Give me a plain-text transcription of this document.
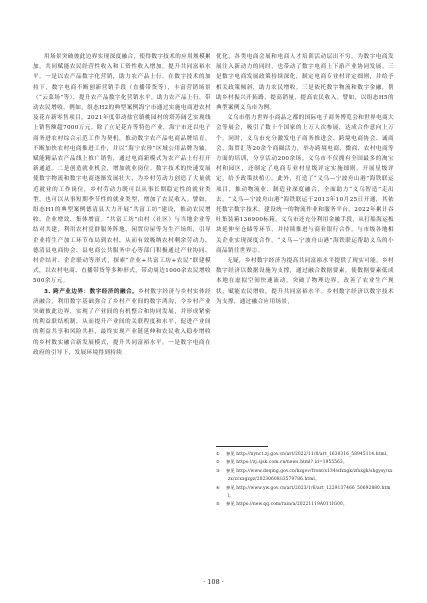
用场景突破彼此边界实现深度融合，使得数字技术的应用规模累加，共同赋能农民经营性收入和工资性收入增加，提升共同富裕水平。一是以农产品数字化营销，助力农产品上行。在数字技术的加持下，数字电商不断创新营销手段（直播带货等），丰富营销场景（“云菜场”等），提升农产品数字化营销水平，助力农产品上行，带动农民增收。例如，组态H2的典型案例海宁市通过实施电商进农村及花卉新零售项目，2021年度带动盐官镇桃园村的塔苏阔艺实现线上销售额超7000万元。除了立足花卉等特色产业，海宁市还以电子商务进农村综合示范工作为契机，推动数字农产品电商品牌培育，不断加快农村电商推进工作，并以“海宁农珍”区域公用品牌为轴，赋能精品农产品线上推广销售，通过电商新模式为农产品上行打开新通道。二是创造就业机会，增加就业岗位。数字技术的快速发展使数字物流和数字电商逐渐发展壮大，为乡村劳动力创造了大量就近就业的工作岗位，乡村劳动力既可以从事长期稳定性的就业类型，也可以从事短期季节性的就业类型，增加了农民收入。譬如，组态H1的典型案例德清县大力开展“共富工坊”建设，推动农民增收、企业增效、集体增富。“共富工坊”由村（社区）与当地企业等结对共建，利用农村党群服务阵地、闲置房屋等为生产场所，引导企业将生产加工环节布局到农村，从而有效吸纳农村剩余劳动力。德清县电商协会、县电商公共服务中心等部门积极通过产业协同、村企结对、企企联动等形式，探索“企业+共富工坊+农民”联建模式，以农村电商、直播带货等多种形式，带动周边1000余农民增收500余万元。

3. 跨产业边界：数字经济的融合。乡村数字经济与乡村实体经济融合，利用数字基础弥合了乡村产业间的数字鸿沟，令乡村产业突破彼此边界，实现了产业间的有机整合和协同发展，并形成紧密的利益联结机制，从而提升产业间的关联程度和水平，促进产业间的利益共享和风险共担，最终实现产业链延伸和农民收入稳步增收的乡村数实融合新发展模式，提升共同富裕水平。一是数字电商在政府的引导下，发展环境得到持续

优化，各类电商会展和电商人才培训活动层出不穷，为数字电商发展注入新动力的同时，也带动了数字电商上下游产业协同发展。三是数字电商发展政策持续深化，制定电商专业村评定细则，并给予相关政策倾斜，助力农民增收。三是依托数字物流和数字金融，帮助乡村振兴开拓路，提高销量，提高农民收入。譬如，以组态H5的典型案例义乌市为例。

义乌市借力世界小商品之都的国际电子商务博览会和世界电商大会等展会，吸引了数十个国家的上万人次参展，达成合作意向上万个。同时，义乌市充分激发电子商务推进会、跨境电商协会、诚商会、海贸汇等20余个商圈活力，举办跨境电商、微商、农村电商等方面的培训，分享活动200余场。义乌市不仅拥有全国最多的淘宝村和园区，还制定了电商专业村星级评定实施细则，开展星级评定，给予政策扶植①。此外，打造了“义乌—宁波舟山港”海铁联运项目，推动物流业、制造业深度融合，全面助力“义乌智造”走出去。“义乌—宁波舟山港”海铁联运于2013年10月25日开通，其依托数字数字技术，建设统一的物流作业和服务平台，2022年累计吞吐集装箱136900标箱。义乌市还充分利用金融手段，从打船海运板块延伸至仓储等环节，并持续推进与商业银行合作，与市级各地相关企业实现深度合作，“义乌—宁波舟山港”海铁联运帮助义乌的小商品销往世界②。

无疑，乡村数字经济为提高共同富裕水平提供了现实可能。乡村数字经济以数据设施为支撑，通过融合数据要素，使数据要素低成本地在虚拟空间快速流动，突破了物理边界，改善了农业生产现状，赋能农民增收，提升共同富裕水平。乡村数字经济以数字技术为支撑，通过融合应用场景，

① 参见 http://nynct.zj.gov.cn/art/2022/11/8/art_1630316_58945114.html。

② 参见 https://zj.sjsk.com.cn/news.html? id=1955563。

③ 参见 http://www.deqing.gov.cn/hzgov/front/s134/sfxxgk/zfxxgk/shgysy/xxzx/zcxxgzgz/20230608/i3579786.html。

④ 参见 http://www.yw.gov.cn/art/2023/1/6/art_1229137466_50692880.html。

⑤ 参见 https://new.qq.com/rain/a/20221119A011IG00。

· 108 ·
